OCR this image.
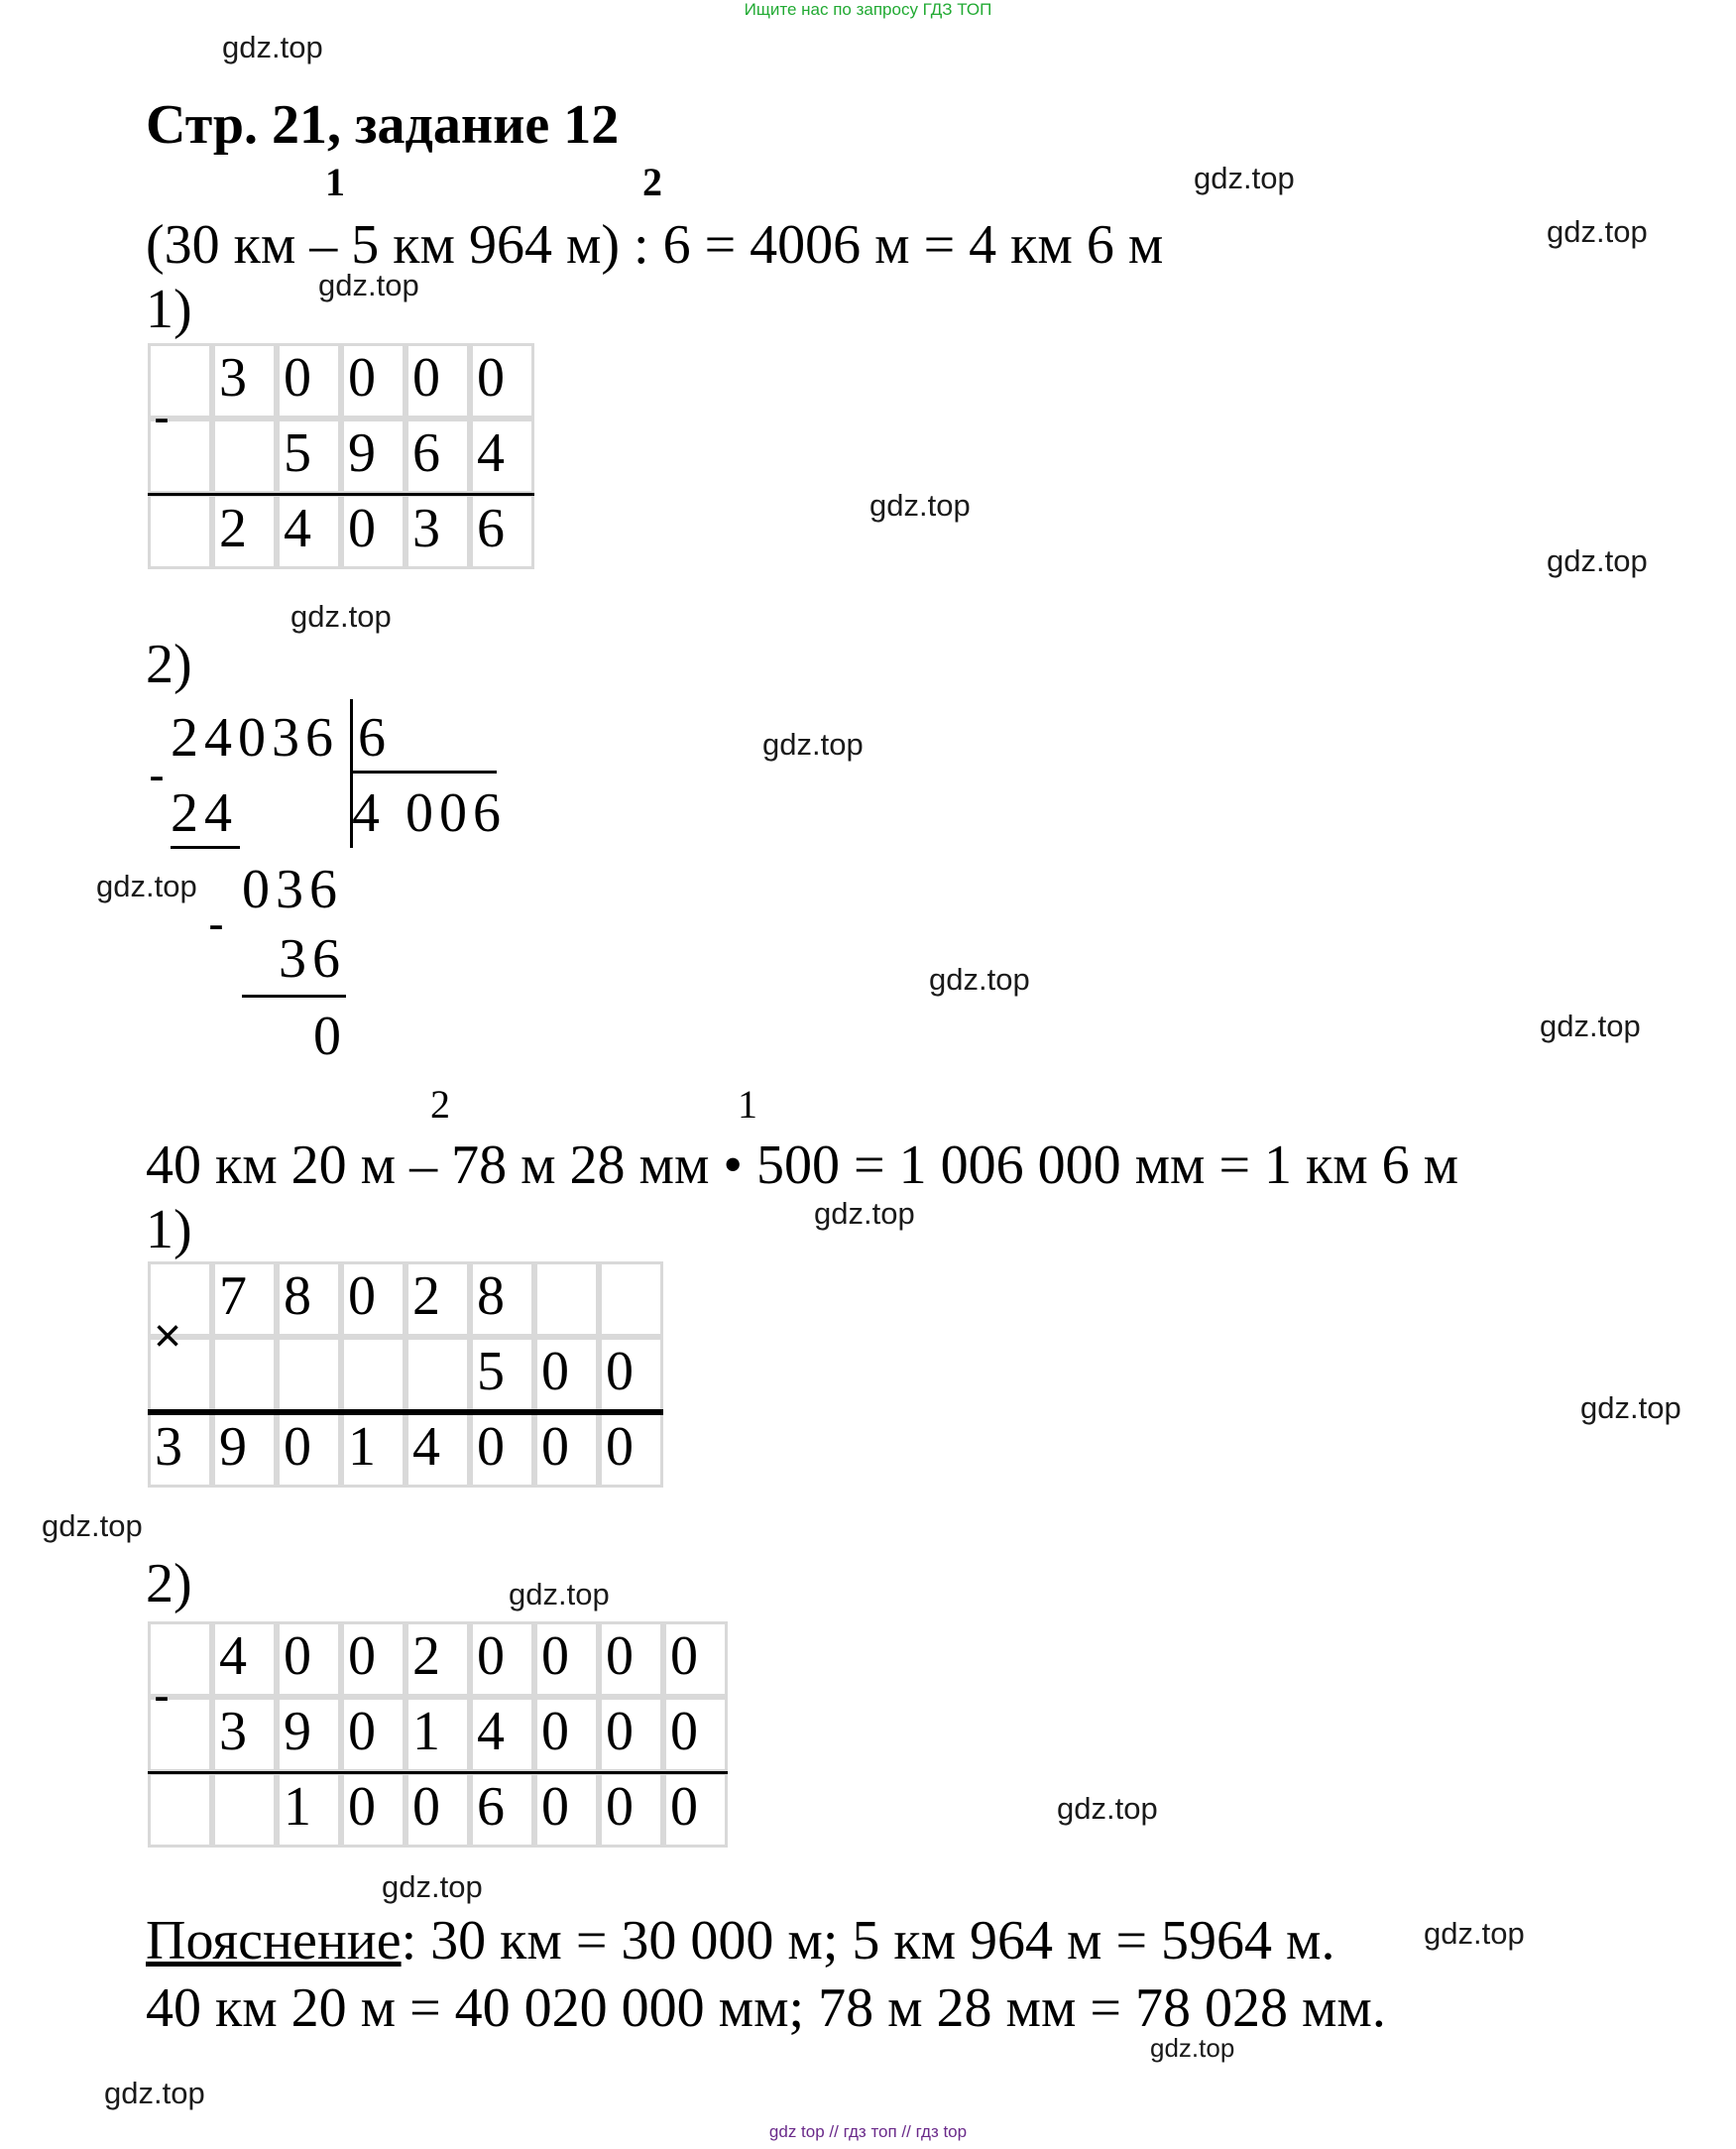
Ищите нас по запросу ГДЗ ТОП
gdz.top
gdz.top
gdz.top
gdz.top
gdz.top
gdz.top
gdz.top
gdz.top
gdz.top
gdz.top
gdz.top
gdz.top
gdz.top
gdz.top
gdz.top
gdz.top
gdz.top
gdz.top
gdz.top
gdz.top
Стр. 21, задание 12
1	2
(30 км – 5 км 964 м) : 6 = 4006 м = 4 км 6 м
1)
3 0 0 0 0
5 9 6 4
2 4 0 3 6
-
2)
24036 6
4 006
-
24
036
-
36
0
2	1
40 км 20 м – 78 м 28 мм • 500 = 1 006 000 мм = 1 км 6 м
1)
7 8 0 2 8
5 0 0
3 9 0 1 4 0 0 0
×
2)
4 0 0 2 0 0 0 0
3 9 0 1 4 0 0 0
1 0 0 6 0 0 0
-
Пояснение: 30 км = 30 000 м; 5 км 964 м = 5964 м.
40 км 20 м = 40 020 000 мм; 78 м 28 мм = 78 028 мм.
gdz top // гдз топ // гдз top
